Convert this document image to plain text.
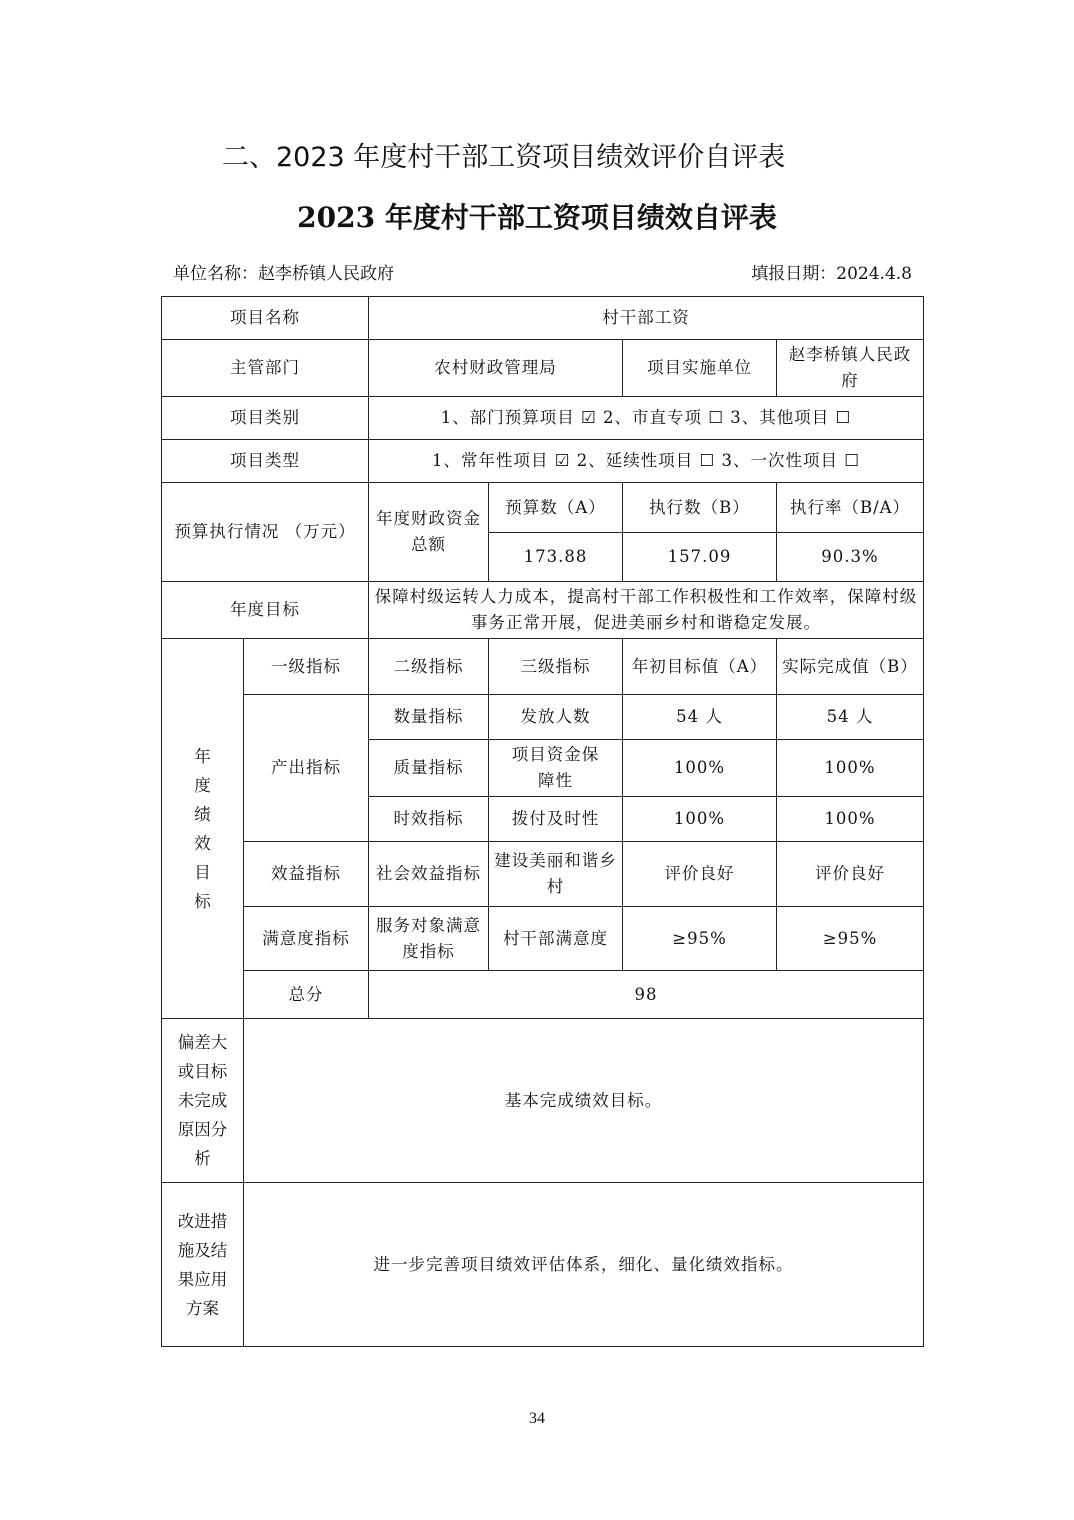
二、2023 年度村干部工资项目绩效评价自评表
2023 年度村干部工资项目绩效自评表
单位名称：赵李桥镇人民政府	填报日期：2024.4.8
项目名称		村干部工资			
主管部门		农村财政管理局		项目实施单位	赵李桥镇人民政府
项目类别		1、部门预算项目 ☑ 2、市直专项 ☐ 3、其他项目 ☐			
项目类型		1、常年性项目 ☑ 2、延续性项目 ☐ 3、一次性项目 ☐			
预算执行情况 （万元）		年度财政资金总额	预算数（A）	执行数（B）	执行率（B/A）
			173.88	157.09	90.3%
年度目标		保障村级运转人力成本，提高村干部工作积极性和工作效率，保障村级事务正常开展，促进美丽乡村和谐稳定发展。			
年度绩效目标	一级指标	二级指标	三级指标	年初目标值（A）	实际完成值（B）
	产出指标	数量指标	发放人数	54 人	54 人
		质量指标	项目资金保障性	100%	100%
		时效指标	拨付及时性	100%	100%
	效益指标	社会效益指标	建设美丽和谐乡村	评价良好	评价良好
	满意度指标	服务对象满意度指标	村干部满意度	≥95%	≥95%
	总分	98			
偏差大或目标未完成原因分析	基本完成绩效目标。				
改进措施及结果应用方案	进一步完善项目绩效评估体系，细化、量化绩效指标。				
34
